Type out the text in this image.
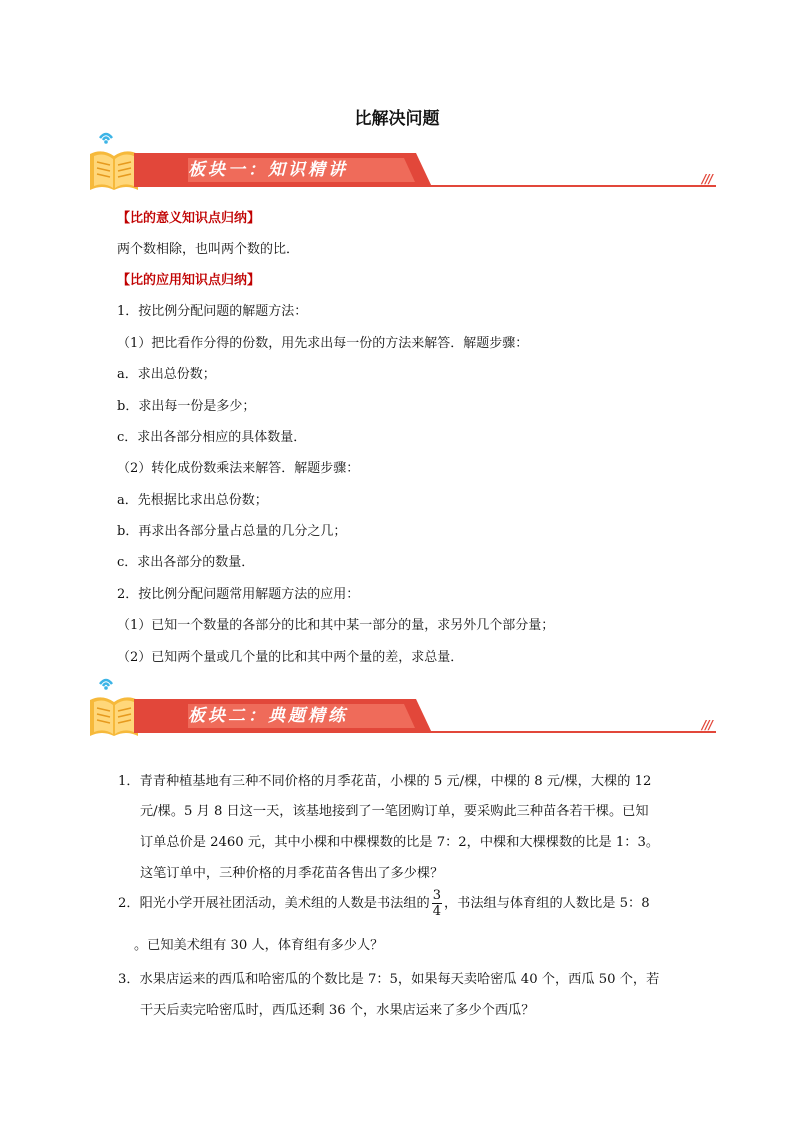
比解决问题
板块一：知识精讲	///
【比的意义知识点归纳】
两个数相除，也叫两个数的比．
【比的应用知识点归纳】
1．按比例分配问题的解题方法：
（1）把比看作分得的份数，用先求出每一份的方法来解答．解题步骤：
a．求出总份数；
b．求出每一份是多少；
c．求出各部分相应的具体数量．
（2）转化成份数乘法来解答．解题步骤：
a．先根据比求出总份数；
b．再求出各部分量占总量的几分之几；
c．求出各部分的数量．
2．按比例分配问题常用解题方法的应用：
（1）已知一个数量的各部分的比和其中某一部分的量，求另外几个部分量；
（2）已知两个量或几个量的比和其中两个量的差，求总量．
板块二：典题精练	///
1．青青种植基地有三种不同价格的月季花苗，小棵的 5 元/棵，中棵的 8 元/棵，大棵的 12
元/棵。5 月 8 日这一天，该基地接到了一笔团购订单，要采购此三种苗各若干棵。已知
订单总价是 2460 元，其中小棵和中棵棵数的比是 7：2，中棵和大棵棵数的比是 1：3。
这笔订单中，三种价格的月季花苗各售出了多少棵？
2．阳光小学开展社团活动，美术组的人数是书法组的 $\frac{3}{4}$ ，书法组与体育组的人数比是 5：8
。已知美术组有 30 人，体育组有多少人？
3．水果店运来的西瓜和哈密瓜的个数比是 7：5，如果每天卖哈密瓜 40 个，西瓜 50 个，若
干天后卖完哈密瓜时，西瓜还剩 36 个，水果店运来了多少个西瓜？
